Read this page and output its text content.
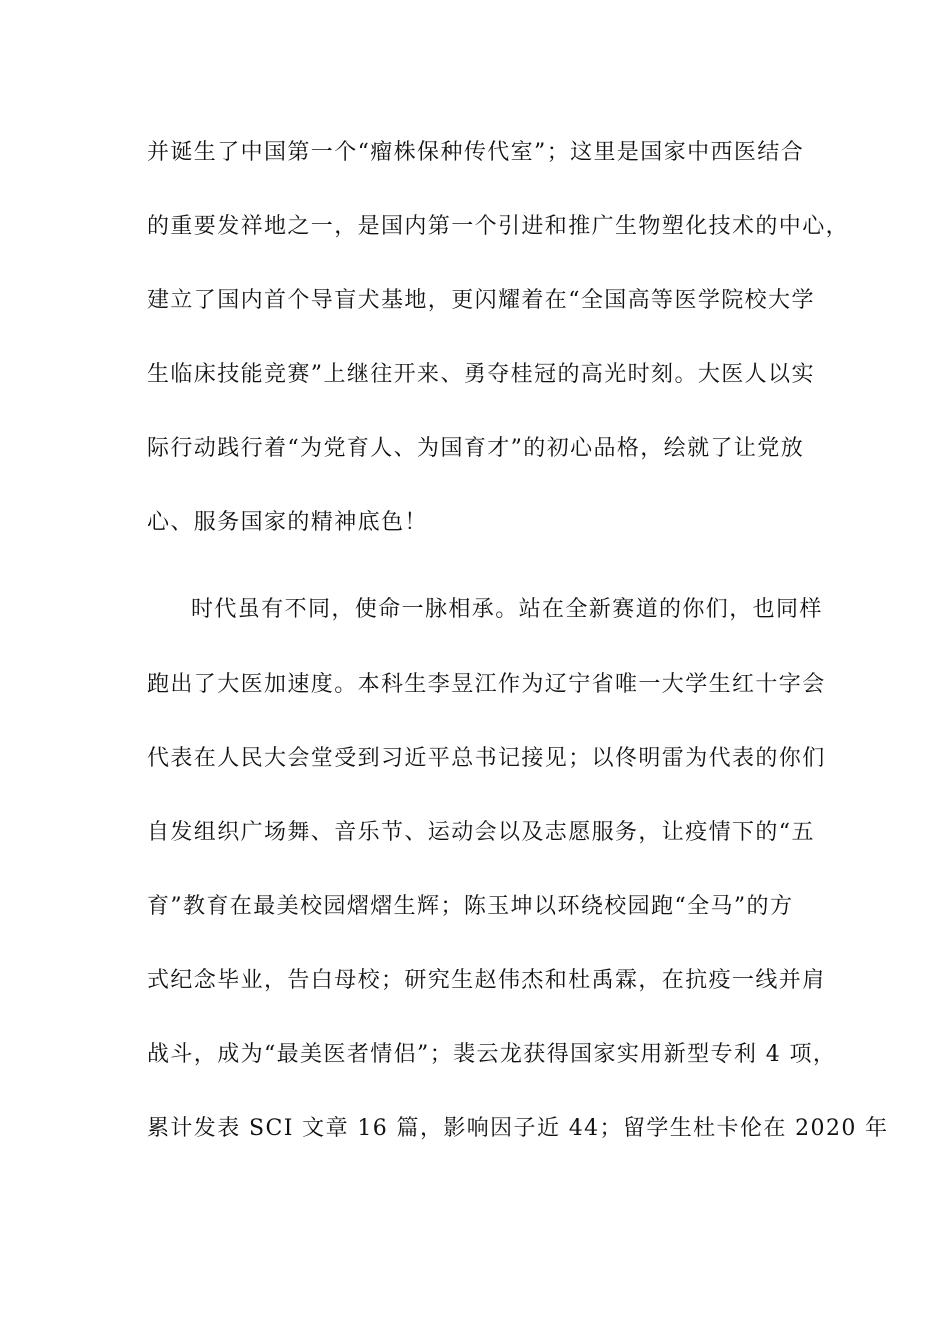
并诞生了中国第一个“瘤株保种传代室”；这里是国家中西医结合
的重要发祥地之一，是国内第一个引进和推广生物塑化技术的中心，
建立了国内首个导盲犬基地，更闪耀着在“全国高等医学院校大学
生临床技能竞赛”上继往开来、勇夺桂冠的高光时刻。大医人以实
际行动践行着“为党育人、为国育才”的初心品格，绘就了让党放
心、服务国家的精神底色！
时代虽有不同，使命一脉相承。站在全新赛道的你们，也同样
跑出了大医加速度。本科生李昱江作为辽宁省唯一大学生红十字会
代表在人民大会堂受到习近平总书记接见；以佟明雷为代表的你们
自发组织广场舞、音乐节、运动会以及志愿服务，让疫情下的“五
育”教育在最美校园熠熠生辉；陈玉坤以环绕校园跑“全马”的方
式纪念毕业，告白母校；研究生赵伟杰和杜禹霖，在抗疫一线并肩
战斗，成为“最美医者情侣”；裴云龙获得国家实用新型专利 4 项，
累计发表 SCI 文章 16 篇，影响因子近 44；留学生杜卡伦在 2020 年
